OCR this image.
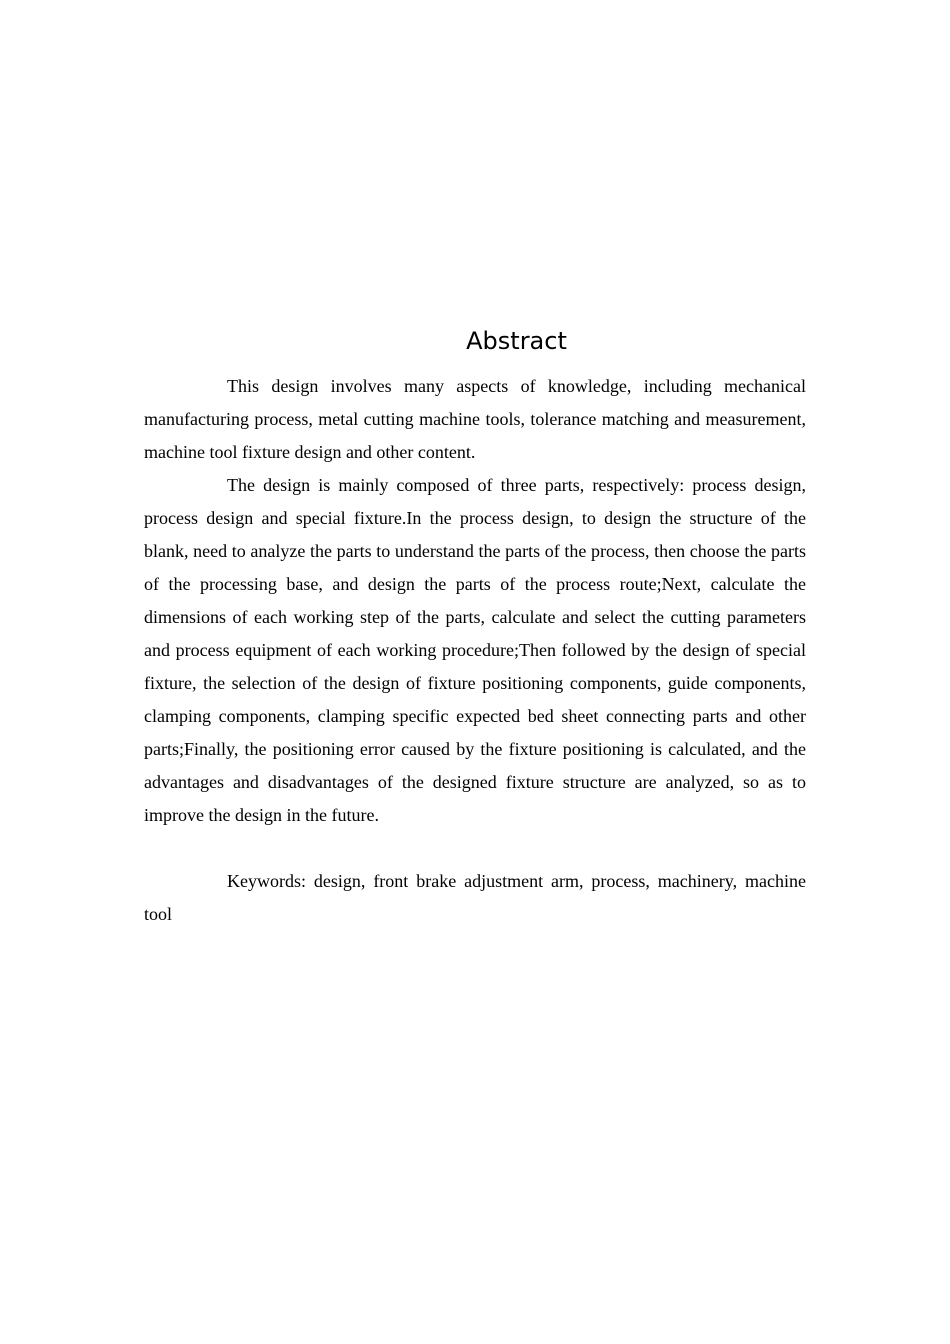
Abstract

This design involves many aspects of knowledge, including mechanical manufacturing process, metal cutting machine tools, tolerance matching and measurement, machine tool fixture design and other content.

The design is mainly composed of three parts, respectively: process design, process design and special fixture.In the process design, to design the structure of the blank, need to analyze the parts to understand the parts of the process, then choose the parts of the processing base, and design the parts of the process route;Next, calculate the dimensions of each working step of the parts, calculate and select the cutting parameters and process equipment of each working procedure;Then followed by the design of special fixture, the selection of the design of fixture positioning components, guide components, clamping components, clamping specific expected bed sheet connecting parts and other parts;Finally, the positioning error caused by the fixture positioning is calculated, and the advantages and disadvantages of the designed fixture structure are analyzed, so as to improve the design in the future.

Keywords: design, front brake adjustment arm, process, machinery, machine tool
